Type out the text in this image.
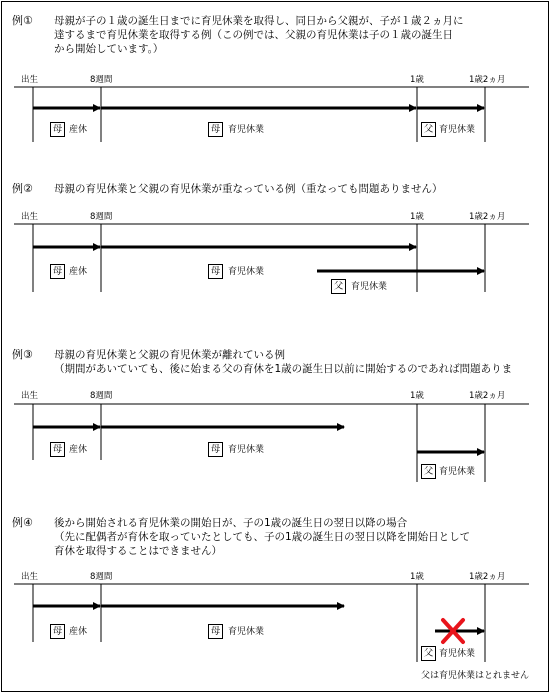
例① 母親が子の１歳の誕生日までに育児休業を取得し、同日から父親が、子が１歳２ヵ月に
達するまで育児休業を取得する例（この例では、父親の育児休業は子の１歳の誕生日
から開始しています。）
出生	8週間	1歳	1歳2ヵ月
母 産休	母 育児休業	父 育児休業
例② 母親の育児休業と父親の育児休業が重なっている例（重なっても問題ありません）
出生	8週間	1歳	1歳2ヵ月
母 産休	母 育児休業
父 育児休業
例③ 母親の育児休業と父親の育児休業が離れている例
（期間があいていても、後に始まる父の育休を1歳の誕生日以前に開始するのであれば問題ありま
出生	8週間	1歳	1歳2ヵ月
母 産休	母 育児休業
父 育児休業
例④ 後から開始される育児休業の開始日が、子の1歳の誕生日の翌日以降の場合
（先に配偶者が育休を取っていたとしても、子の1歳の誕生日の翌日以降を開始日として
育休を取得することはできません）
出生	8週間	1歳	1歳2ヵ月
母 産休	母 育児休業
父 育児休業
父は育児休業はとれません
